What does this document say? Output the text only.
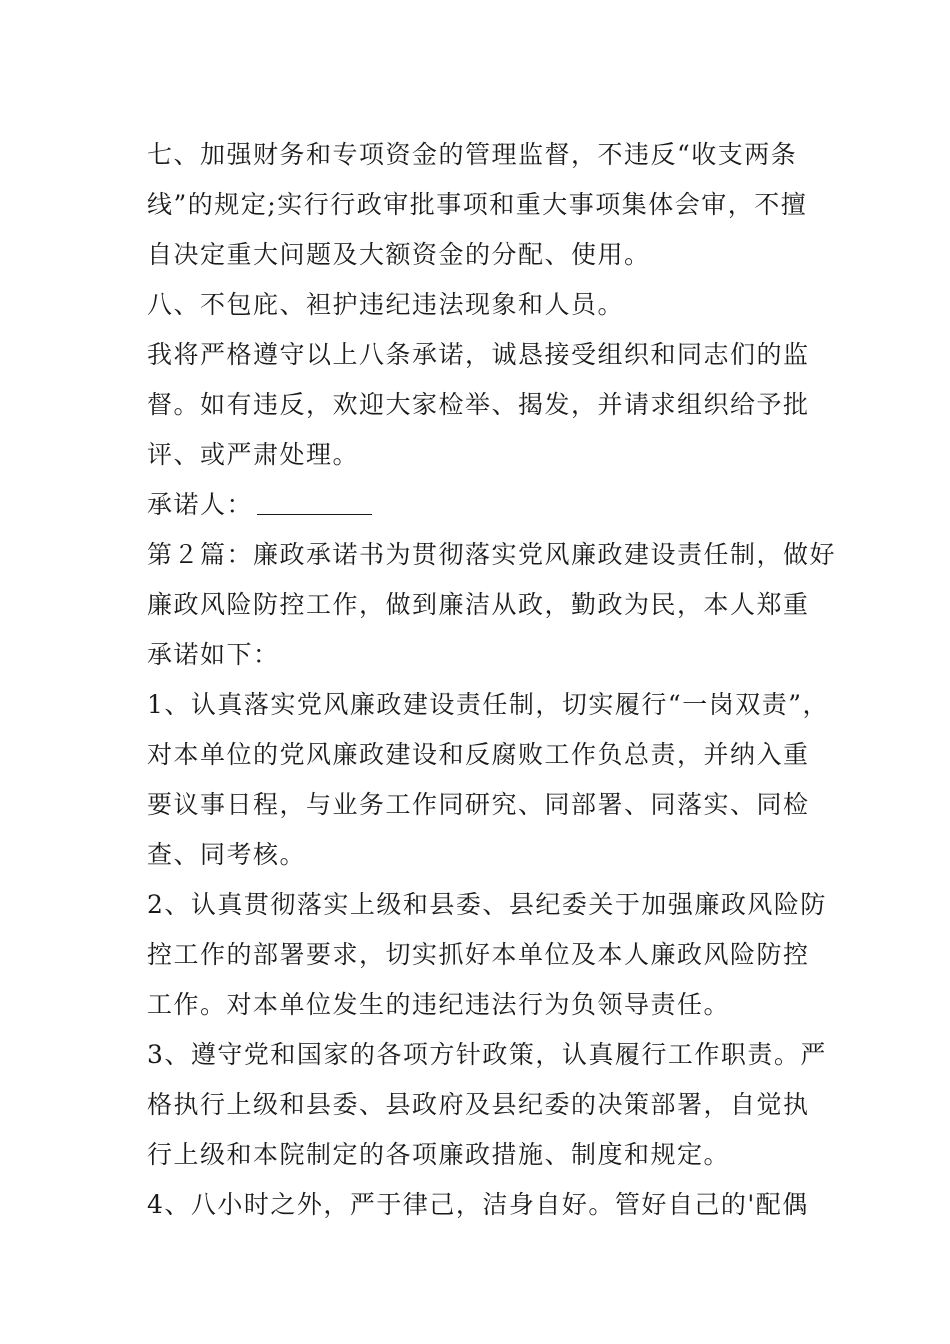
七、加强财务和专项资金的管理监督，不违反“收支两条
线”的规定;实行行政审批事项和重大事项集体会审，不擅
自决定重大问题及大额资金的分配、使用。
八、不包庇、袒护违纪违法现象和人员。
我将严格遵守以上八条承诺，诚恳接受组织和同志们的监
督。如有违反，欢迎大家检举、揭发，并请求组织给予批
评、或严肃处理。
承诺人：
第２篇：廉政承诺书为贯彻落实党风廉政建设责任制，做好
廉政风险防控工作，做到廉洁从政，勤政为民，本人郑重
承诺如下：
1、认真落实党风廉政建设责任制，切实履行“一岗双责”，
对本单位的党风廉政建设和反腐败工作负总责，并纳入重
要议事日程，与业务工作同研究、同部署、同落实、同检
查、同考核。
2、认真贯彻落实上级和县委、县纪委关于加强廉政风险防
控工作的部署要求，切实抓好本单位及本人廉政风险防控
工作。对本单位发生的违纪违法行为负领导责任。
3、遵守党和国家的各项方针政策，认真履行工作职责。严
格执行上级和县委、县政府及县纪委的决策部署，自觉执
行上级和本院制定的各项廉政措施、制度和规定。
4、八小时之外，严于律己，洁身自好。管好自己的'配偶
